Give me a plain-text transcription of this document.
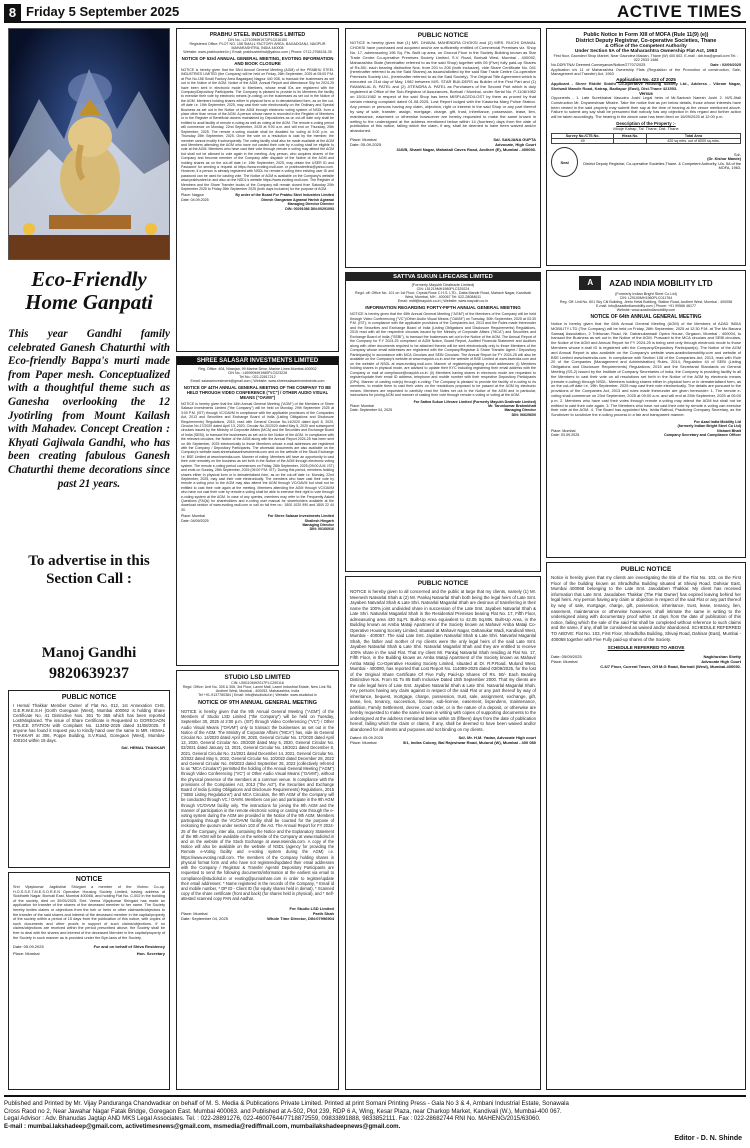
8 Friday 5 September 2025	ACTIVE TIMES
Eco-Friendly Home Ganpati
This year Gandhi family celebrated Ganesh Chaturthi with Eco-friendly Bappa's murti made from Paper mesh. Conceptualized with a thoughtful theme such as Ganesha overlooking the 12 Jyotirling from Mount Kailash with Mahadev. Concept Creation : Khyati Gajiwala Gandhi, who has been creating fabulous Ganesh Chaturthi theme decorations since past 21 years.
To advertise in this Section Call :
Manoj Gandhi
9820639237
PUBLIC NOTICE
I Hemal Thakkar Member Owner of Flat No. 012, 1st Annexation CHS, G.E.R.W.E.S.H (Gorth Goregaon (West), Mumbai 400062 is holding Share Certificate No. 41 Distinctive Nos. 361 To 365 which has been reported Lost/Misplaced. The issue of Share Certificate is Requested to GOREGAON POLICE STATION with Complaint No. 113492-2025 dated 31/08/2025. If anyone has found it request you to Kindly hand over the same to MR. HEMAL THAKKAR at 306, Poppe Building, S.V.Road, Goregaon (West), Mumbai-400104 within 15 days.
Sd/- HEMAL THAKKAR
NOTICE
Shri Vijaykumar Jagdishlal Shivgani a member of the Vishnu Co-op. H.O.S.S.E.T.M.E.S.O.R.E.N Operative Housing Society Limited, having address at Siddharth Nagar, Borivali East, Mumbai 400066, and holding Flat No. C-002 in the building of the society, died on 30/05/2025. Smt. Veena Vijaykumar Shivgani has made an application for transfer of the shares of the deceased member to her name. The Society hereby invites claims or objections from the heir or heirs or other claimants/objectors to the transfer of the said shares and interest of the deceased member in the capital/property of the society within a period of 15 days from the publication of this notice, with copies of such documents and other proofs in support of such claims/objections. If no claims/objections are received within the period prescribed above, the Society shall be free to deal with the shares and interest of the deceased Member in the capital/property of the Society in such manner as is provided under the Bye-laws of the Society.
Date: 05.09.2025	For and on behalf of Shiva Residency
Place: Mumbai	Hon. Secretary
PRABHU STEEL INDUSTRIES LIMITED
CIN No.: L27109MH1972PLC016100
Registered Office: PLOT NO. 158 SMALL FACTORY AREA, BAGADGANJ, NAGPUR MAHARASHTRA, INDIA 440008
Website: www.prabhusteel.in | Email: prabhusteelind@yahoo.com | Phone: 0712-2768134-35
NOTICE OF 53rd ANNUAL GENERAL MEETING, EVOTING INFORMATION AND BOOK CLOSURE
NOTICE is hereby given that the 53rd Annual General Meeting (AGM) of the PRABHU STEEL INDUSTRIES LIMITED (the Company) will be held on Friday, 26th September, 2025 at 05:00 P.M. at Plot No.158 Small Factory Area Bagadganj Nagpur 440 008, to transact the businesses as set out in the Notice of the AGM. Notice of the AGM, Annual Report and Attendance Slip for 2024-25 have been sent in electronic mode to Members, whose email IDs are registered with the Company/Depository Participants. The Company is pleased to provide to its Members the facility to exercise their vote by electronic means (e-voting) on the businesses as set out in the Notice of the AGM. Members holding shares either in physical form or in dematerialized form, as on the cut-off date i.e. 19th September, 2025, may cast their vote electronically on the Ordinary and Special Business as set out in the Notice of the AGM through electronic voting system of NSDL from a place other than venue of the AGM. A person whose name is recorded in the Register of Members or in the Register of Beneficial owners maintained by Depositories as on cut-off date only shall be entitled to avail facility of remote e-voting as well as voting at the AGM. The remote e-voting period will commence on Monday, 22nd September, 2025 at 9:00 a.m. and will end on Thursday, 25th September, 2025. The remote e-voting module shall be disabled for voting at 5:00 p.m. on Thursday 25th September, 2025. Once the vote on a resolution is cast by the member, the member cannot modify it subsequently. The voting facility shall also be made available at the AGM and Members attending the AGM who have not casted their vote by e-voting shall be eligible to vote at the AGM. Members who have cast their vote through remote e-voting may attend the AGM but shall not be allowed to vote again in the meeting. Any person, who acquires shares of the Company and become member of the Company after dispatch of the Notice of the AGM and holding shares as on the cut-off date i.e. 19th September, 2025, may obtain the USER ID and Password for sending a request at https://www.evoting.nsdl.com or prabhusteelind@yahoo.com. However, if a person is already registered with NSDL for remote e-voting then existing user ID and password can be used for casting vote. The Notice of AGM is available on the Company's website www.prabhusteel.in and also on the NSDL's website https://www.evoting.nsdl.com. The Register of Members and the Share Transfer books of the Company will remain closed from Saturday 20th September 2025 to Friday 26th September 2025 (both days inclusive) for the purpose of AGM.
Place: Nagpur	By order of the Board For Prabhu Steel Industries Limited
Date: 04.09.2025	Dinesh Gangaram Agrawal Harish Agrawal
Managing Director Director
DIN: 00291086 DIN:00291093
SHREE SALASAR INVESTMENTS LIMITED
Reg. Office: 404, Niranjan, 99 Marine Drive, Marine Lines Mumbai-400002
CIN No.: L65990MH1980PLC023228
Tel No.: 022-22817212
Email: salasarinvestment@gmail.com | Website: www.shreesalasarinvestments.com
NOTICE OF 44TH ANNUAL GENERAL MEETING OF THE COMPANY TO BE HELD THROUGH VIDEO CONFERENCE ("VC") / OTHER AUDIO VISUAL MEANS ("OAVM")
NOTICE is hereby given that the 44th Annual General Meeting ("AGM") of the Members of Shree Salasar Investments Limited ("the Company") will be held on Monday, 29th September 2025 at 3:00 P.M. (IST) through VC/OAVM in compliance with the applicable provisions of the Companies Act, 2013 and Securities and Exchange Board of India (Listing Obligations and Disclosure Requirements) Regulations, 2015, read with General Circular No.14/2020 dated April 8, 2020, Circular No.17/2020 dated April 13, 2020, Circular No.20/2020 dated May 5, 2020 and subsequent circulars issued by the Ministry of Corporate Affairs (MCA) and the Securities and Exchange Board of India (SEBI), to transact the businesses as set out in the Notice of the AGM. In compliance with the relevant circulars, the Notice of the AGM along with the Annual Report 2024-25 has been sent on 4th September, 2025 electronically to those Members whose e-mail addresses are registered with the Company / Depository Participants. The aforesaid documents are also available on the Company's website www.shreesalasarinvestments.com and on the website of the Stock Exchange i.e. BSE Limited at www.bseindia.com. Manner of voting: Members will have an opportunity to cast their vote remotely on the business as set forth in the Notice of the AGM through electronic voting system. The remote e-voting period commences on Friday, 26th September, 2025 (09:00 A.M. IST) and ends on Sunday, 28th September, 2025 (05:00 P.M. IST). During this period, members holding shares either in physical form or in dematerialized form, as on the cut-off date i.e. Monday, 22nd September, 2025, may cast their vote electronically. The members who have cast their vote by remote e-voting prior to the AGM may also attend the AGM through VC/OAVM but shall not be entitled to cast their vote again at the meeting. Members attending the AGM through VC/OAVM who have not cast their vote by remote e-voting shall be able to exercise their right to vote through e-voting system at the AGM. In case of any queries, members may refer to the Frequently Asked Questions (FAQs) for shareholders and e-voting user manual for shareholders available at the download section of www.evoting.nsdl.com or call on toll free no.: 1800 1020 990 and 1800 22 44 30.
Place: Mumbai	For Shree Salasar Investments Limited
Date: 04/09/2025	Shailesh Hingarh
Managing Director
DIN: 00166916
STUDIO LSD LIMITED
CIN: U59110MH2017PLC290116
Regd. Office: Unit No. 305 & 306, 3rd Floor, Laxmi Mall, Laxmi Industrial Estate, New Link Rd, Andheri West, Mumbai - 400053, Maharashtra, India
Tel +91-9137780384 | Email: info@studiolsd.in | Website: www.studiolsd.in
NOTICE OF 9TH ANNUAL GENERAL MEETING
NOTICE is hereby given that the 9th Annual General Meeting ("AGM") of the Members of Studio LSD Limited ("the Company") will be held on Tuesday, September 30, 2025 at 2:00 p.m. (IST) through Video Conferencing ("VC") / Other Audio Visual Means ("OAVM") only to transact the businesses as set out in the Notice of the AGM. The Ministry of Corporate Affairs ("MCA") has, vide its General Circular No. 14/2020 dated April 08, 2020, General Circular No. 17/2020 dated April 13, 2020, General Circular No. 20/2020 dated May 5, 2020, General Circular No. 02/2021 dated January 13, 2021, General Circular No. 19/2021 dated December 8, 2021, General Circular No. 21/2021 dated December 14, 2021, General Circular No. 2/2022 dated May 5, 2022, General Circular No. 10/2022 dated December 28, 2022 and General Circular No. 09/2023 dated September 25, 2023 (collectively referred to as "MCA Circulars") permitted the holding of the Annual General Meeting ("AGM") through Video Conferencing ("VC") or Other Audio Visual Means ("OAVM"), without the physical presence of the members at a common venue. In compliance with the provisions of the Companies Act, 2013 ("the Act"), the Securities and Exchange Board of India (Listing Obligations and Disclosure Requirements) Regulations, 2015 ("SEBI Listing Regulations") and MCA Circulars, the 9th AGM of the Company will be conducted through VC / OAVM. Members can join and participate in the 9th AGM through VC/OAVM facility only. The instructions for joining the 9th AGM and the manner of participation in the remote electronic voting or casting vote through the e-voting system during the AGM are provided in the Notice of the 9th AGM. Members participating through the VC/OAVM facility shall be counted for the purpose of reckoning the quorum under section 103 of the Act. The Annual Report for FY 2024-25 of the Company, inter alia, containing the Notice and the Explanatory Statement of the 9th AGM will be available on the website of the Company at www.studiolsd.in and on the website of the Stock Exchange at www.nseindia.com. A copy of the Notice will also be available on the website of NSDL (agency for providing the Remote e-Voting facility and e-voting system during the AGM) i.e. https://www.evoting.nsdl.com. The members of the Company holding shares in physical format form and who have not registered/updated their email addresses with the Company / Registrar & Transfer Agents/ Depository Participants are requested to send the following documents/information at the earliest via email to compliance@studiolsd.in or evoting@purvashare.com in order to register/update their email addresses: * Name registered in the records of the Company, * Email id and mobile number, * DP ID - Client ID (for equity shares held in demat), * Scanned copy of the share certificate (front and back) (for shares held in physical), and * Self-attested scanned copy PAN and Aadhar.
For Studio LSD Limited
Place: Mumbai	Parth Shah
Date: September 04, 2025	Whole Time Director, DIN:07996904
PUBLIC NOTICE
NOTICE is hereby given that (1) MR. DHAVAL MAHENDRA CHOKSI and (2) MRS. RUCHI DHAVAL CHOKSI have purchased and acquired and/or are sufficiently entitled of Commercial Premises viz. Shop No. 17, admeasuring 196 Sq. Fts. Built up area, on Ground Floor in the Society Building known as Star Trade Centre Co-operative Premises Society Limited, S.V. Road, Borivali West, Mumbai - 400092, Maharashtra State (hereinafter referred to as the said Shop) together with 05 (Five) fully paid-up Shares of Rs.50/- each bearing distinctive Nos. from 201 to 205 (both inclusive), vide Share Certificate No. 041 (hereinafter referred to as the Said Shares) as issued/allotted by the said Star Trade Centre Co-operative Premises Society Ltd., (hereinafter referred to as the Said Society). The Original Title Agreement which is executed on 21st day of May, 1982 between M/S. STAR BUILDERS as Builder of the First Part and (1) RAMANLAL B. PATEL and (2) JITENDRA A. PATEL as Purchasers of the Second Part which is duly registered at Office of the Sub-Registrar of Assurances, Borivali / Mumbai, under Serial No. P-1108/1982 on 15/11/1982 in respect of the said Shop has been MISPLACED/LOST by them as proved by that certain missing complaint dated 01.08.2025, Lost Report lodged with the Kasturba Marg Police Station. Any person or persons having any claim, objection, right or interest in the said Shop or any part thereof by way of sale, transfer, assign, mortgage, charge, gift, trust, inheritance, possession, lease, lien, maintenance, easement or otherwise howsoever are hereby requested to make the same known in writing to the undersigned at the address mentioned below within 14 (fourteen) days from the date of publication of this notice, failing which the claim, if any, shall be deemed to have been waived and/or abandoned.
Place: Mumbai	Sd/- SANJANA GUPTA
Date: 05-09-2025	Advocate, High Court
316/B, Shanti Nagar, Mahakali Caves Road, Andheri (E), Mumbai - 400093.
SATTVA SUKUN LIFECARE LIMITED
(Formerly Mayukh Dealtrade Limited)
CIN: L51219MH1980PLC329224
Regd. off: Office No. 101 on 1st Floor, Crystal Rose C.H.S. LTD., Datta Mandir Road, Mahavir Nagar, Kandivali West, Mumbai, MH - 400067 Tel: 022-28084611
Email: mdtl@mayukh.co.in | Website: www.mayukh.co.in
INFORMATION REGARDING FORTY-FIFTH ANNUAL GENERAL MEETING
NOTICE is hereby given that the 45th Annual General Meeting ("AGM") of the Members of the Company will be held through Video Conferencing ("VC")/Other Audio Visual Means ("OAVM") on Tuesday, 30th September, 2025 at 03:30 P.M. (IST), in compliance with the applicable provisions of the Companies Act, 2013 and the Rules made thereunder and the Securities and Exchange Board of India (Listing Obligations and Disclosure Requirements) Regulations, 2015 read with all the respective circulars issued by the Ministry of Corporate Affairs ("MCA") and Securities and Exchange Board of India ("SEBI"), to transact the businesses set out in the Notice of the AGM. The Annual Report of the Company for F.Y 2024-25 comprised of AGM Notice, Board Report, Audited Financial Statement and Auditors along with other documents required to be attached thereto will be sent electronically only to those Members of the Company whose email addresses are registered with the Company/Registrar & Share Transfer Agent / Depository Participant(s) in accordance with MCA Circulars and SEBI Circulars. The Annual Report for FY 2024-25 will also be available on the Company's website at www.mayukh.co.in and the website of BSE Limited at www.bseindia.com and on the website of NSDL at www.evoting.nsdl.com. Manner of registering/updating e-mail addresses: (i) Members holding shares in physical mode, are advised to update their KYC including registering their email address with the Company or mail at compliance@mayukh.co.in. (ii) Members having shares in electronic mode are requested to register/update their email ID address, telephone and mobile number with their respective Depository Participants (DPs). Manner of casting vote(s) through e-voting: The Company is pleased to provide the facility of e-voting to its members, to enable them to cast their votes on the resolutions proposed to be passed at the AGM by electronic means. Members are requested to carefully read the Notes set out in the Notice of the AGM and in particular, instructions for joining AGM and manner of casting their vote through remote e-voting or voting at the AGM.
For Sattva Sukun Lifecare Limited (Formerly Mayukh Dealtrade Limited)
Place: Mumbai	Mr. Tarunkumar Brahmbhatt
Date: September 04, 2025	Managing Director
DIN: 06625600
PUBLIC NOTICE
NOTICE is hereby given to all concerned and the public at large that my clients, namely (1) Mr. Meenesh Natvarlal Shah & (2) Mr. Pankaj Natvarlal Shah both being the legal heirs of Late Smt. Jayaben Natvarlal Shah & Late Shri. Natvarlal Maganlal Shah are desirous of transferring in their name the 100% joint undivided share in succession of the Late Smt. Jayaben Natvarlal Shah & Late Shri. Natvarlal Maganlal Shah in the Residential Premises bearing Flat No. 17, Fifth Floor, admeasuring area 430 Sq.Ft. Built-Up Area equivalent to 42.05 Sq.Mts. Built-Up Area, in the Building known as Amba Mataji Apartment of the Society known as Mahavir Amba Mataji Co-Operative Housing Society Limited, situated at Mahavir Nagar, Dahanukar Wadi, Kandivali West, Mumbai - 400067. The said Late Smt. Jayaben Natvarlal Shah & Late Shri. Natvarlal Maganlal Shah, the father and mother of my clients were the only legal heirs of the said Late Smt. Jayaben Natvarlal Shah & Late Shri. Natvarlal Maganlal Shah and they are entitled to receive 100% share in the said Flat. That my client Mr. Pankaj Natvarlal Shah residing at Flat No. 17, Fifth Floor, in the Building known as Amba Mataji Apartment of the Society known as Mahavir Amba Mataji Co-Operative Housing Society Limited, situated at Dr. R.P.Road, Mulund West, Mumbai - 400080, has reported that Lost Report No. 114089-2025 dated 03/09/2025, for the lost of the Original Share Certificate Of Five Fully Paid-Up Shares Of Rs. 50/- Each Bearing Distinctive Nos. From 81 To 85 Both Inclusive Dated 15th September 2000. That my clients are the sole legal heirs of Late Smt. Jayaben Natvarlal Shah & Late Shri. Natvarlal Maganlal Shah. Any persons having any claim against in respect of the said Flat or any part thereof by way of inheritance, bequest, mortgage, charge, possession, trust, sale, assignment, exchange, gift, lease, lien, tenancy, succession, license, sub-license, easement, lispendens, maintenance, partition, Family Settlement, decree, court order, or in the nature of a deposit, or otherwise are hereby requested to make the same known in writing with copies of supporting documents to the undersigned at the address mentioned below within 15 (fifteen) days from the date of publication hereof, failing which the claim or claims, if any, shall be deemed to have been waived and/or abandoned for all intents and purposes and not binding on my clients.
Dated: 05.09.2025	Sd/- Mr. H.M. Yadav, Advocate High court
Place: Mumbai	5/1, Indira Colony, Bal Rajeshwar Road, Mulund (W), Mumbai - 400 080
Public Notice in Form XIII of MOFA (Rule 11(9) (e))
District Deputy Registrar, Co-operative Societies, Thane
& Office of the Competent Authority
Under Section 5A of the Maharashtra Ownership Flat Act, 1963
First floor, Gaondevi Shop Market, Near Gaondevi Maidan, Thane (W) 400 602. E-mail : ddr.tna@gmail.com Tel. : 022 2533 1486
No.DDR/TNA/ Deemed Conveyance/Notice/27707/2025	Date : 02/09/2025
Application u/s 11 of Maharashtra Ownership Flats (Regulation of the Promotion of construction, Sale, Management and Transfer) Act, 1963
Application No. 423 of 2025
Applicant - Shree Riddhi Siddhi Co-operative Housing Society Ltd., Address - Vikram Nagar, Shelwali Mandir Road, Katrap, Badlapur (East), Dist.Thane 421503.
Versus
Opponents - 1. Late Surekhabai Vasudeo Joshi Legal heirs of Mr.Santosh Naresh Joshi 2. M/S.Jitali Construction Mr. Dnyaneshwar Mhatre. Take the notice that as per below details, those whose interests have been vested in the said property may submit their say at the time of hearing at the venue mentioned above. Failure to submit any say shall be presumed that nobody has any objection in this regard and further action will be taken accordingly. The hearing in the above case has been fixed on 16/09/2025 at 12:00 p.m.
Description of the Property :-
Mouje Katrap, Tal. Thane, Dist. Thane
Survey No./CTS No.	Hissa No.	Total Area
49		420 sq.mtrs. out of 8000 sq.mtrs.
Seal
Sd/-
(Dr. Kishor Mande)
District Deputy Registrar, Co-operative Societies,Thane. & Competent Authority, U/s. 5A of the MOFA, 1963.
A AZAD INDIA MOBILITY LTD
(Formerly Indian Bright Steel Co Ltd)
CIN: L29100MH1960PLC011764
Reg. Off: Unit No. 601 Sky Citi Building, Jeetu Hetal Building, Station Road, Andheri West, Mumbai - 400058
E-mail: info@azadindiamobility.com | Phone: +91 99566 48177
Website: www.azadindiamobility.com
NOTICE OF 64th ANNUAL GENERAL MEETING
Notice is hereby given that the 64th Annual General Meeting (AGM) of the Members of AZAD INDIA MOBILITY LTD (The Company) will be held on Friday, 26th September, 2025 at 12:30 P.M. at The Mo Banara Samaaj Association, 2 Tribhuvan Road, Nr. Dahanukarwadi Opera House, Girgaum, Mumbai - 400004, to transact the Business as set out in the Notice of the AGM. Pursuant to the MCA circulars and SEBI circulars, the Notice of the AGM and Annual Report for FY 2024-25 is being sent only through electronic mode to those Members whose e-mail ID is registered with the Company/Depository Participant(s). The Notice of the AGM and Annual Report is also available on the Company's website www.azadindiamobility.com and website of BSE Limited www.bseindia.com. In compliance with Section 108 of the Companies Act, 2013, read with Rule 20 of the Companies (Management and Administration) Rules, 2014, Regulation 44 of SEBI (Listing Obligations and Disclosure Requirements) Regulations, 2015 and the Secretarial Standards on General Meeting (SS-2) issued by the Institute of Company Secretaries of India, the Company is providing facility to all the Members to cast their vote on all resolutions set forth in the Notice of the AGM by electronic means (remote e-voting) through NSDL. Members holding shares either in physical form or in dematerialised form, as on the cut-off date i.e. 19th September, 2025 may cast their vote electronically. The details are pursuant to the provisions of the Companies Act, 2013 and rules made thereunder are given hereunder: 1. The remote e-voting shall commence on 23rd September, 2025 at 09:00 a.m. and will end at 25th September, 2025 at 05:00 p.m. 2. Members who have cast their votes through remote e-voting may attend the AGM but shall not be entitled to cast their vote again. 3. The Members who have not cast their vote by remote e-voting can exercise their vote at the AGM. 4. The Board has appointed Mrs. Ishita Rathod, Practicing Company Secretary, as the Scrutinizer to scrutinize the e-voting process in a fair and transparent manner.
For Azad India Mobility Ltd
(formerly Indian Bright Steel Co Ltd)
Place: Mumbai	Nishant Bhatt
Date: 03.09.2025	Company Secretary and Compliance Officer
PUBLIC NOTICE
Notice is hereby given that my clients are investigating the title of the Flat No. 103, on the First Floor of the building known as Shradhdha Building situated at Shivaji Road, Dahisar East, Mumbai 400068 belonging to the Late Smt. Jasodaben Thakkar. My client has received information that Late Smt. Jasodaben Thakkar (The Flat Owner) has expired leaving behind her legal heirs. Any person having any claim or objection in respect of the said Flat or any part thereof by way of sale, mortgage, charge, gift, possession, inheritance, trust, lease, tenancy, lien, easement, maintenance or otherwise howsoever, shall intimate the same in writing to the undersigned along with documentary proof within 14 days from the date of publication of this notice, failing which the sale of the said Flat shall be completed without reference to such claims and the same, if any, shall be considered as waived and/or abandoned. SCHEDULE REFERRED TO ABOVE: Flat No. 103, First Floor, Shradhdha Building, Shivaji Road, Dahisar (East), Mumbai - 400068 together with Five Fully paid-up shares of the Society.
SCHEDULE REFERRED TO ABOVE
Date: 05/09/2025	Nagbhushan Shetty
Place: Mumbai	Advocate High Court
C-6/7 Floor, Current Tower, Off M.G Road, Borivali (West), Mumbai-400092.
Published and Printed by Mr. Vijay Panduranga Chandwadkar on behalf of M. S. Media & Publications Private Limited. Printed at print Somani Printing Press - Gala No 3 & 4, Ambani Industrial Estate, Sonawala
Cross Raod no 2, Near Jawahar Nagar Fatak Bridge, Goregaon East. Mumbai 400063. and Published at A-502, Plot 239, RDP 6 A, Wing, Kesar Plaza, near Charkop Market, Kandivali (W.), Mumbai-400 067.
Legal Advisor : Adv. Bhanudas Jagtap AND MKS Legal Associates. Tel. : 022-28891276, 022-46007644/7718872559, 09833891888, 9833852111. Fax : 022-28682744 RNI No. MAHENG/2015/63060.
E-mail : mumbai.lakshadeep@gmail.com, activetimesnews@gmail.com, msmedia@rediffmail.com, mumbailakshadeepnews@gmail.com.
Editor - D. N. Shinde
